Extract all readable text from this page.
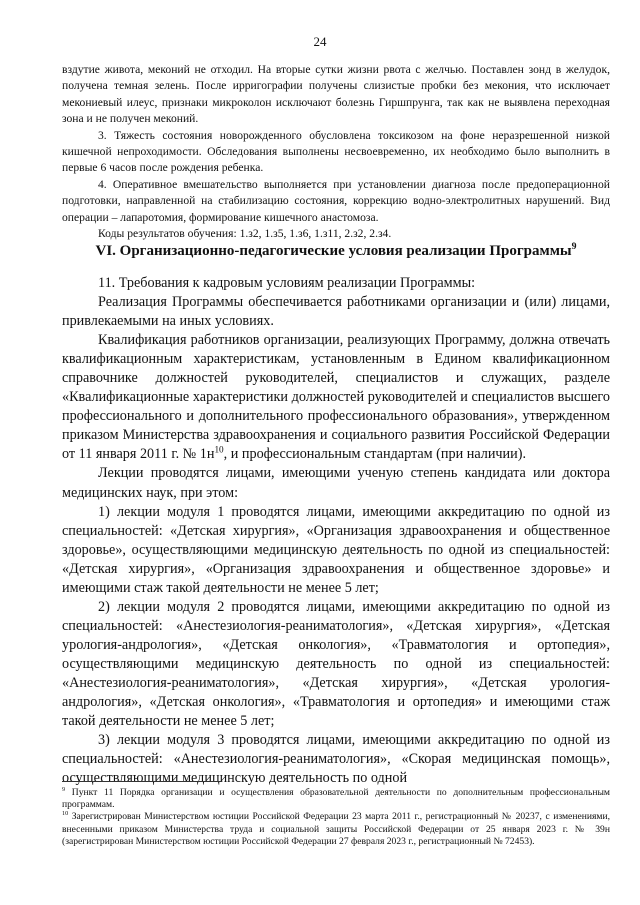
24

вздутие живота, меконий не отходил. На вторые сутки жизни рвота с желчью. Поставлен зонд в желудок, получена темная зелень. После ирригографии получены слизистые пробки без мекония, что исключает мекониевый илеус, признаки микроколон исключают болезнь Гиршпрунга, так как не выявлена переходная зона и не получен меконий.

3. Тяжесть состояния новорожденного обусловлена токсикозом на фоне неразрешенной низкой кишечной непроходимости. Обследования выполнены несвоевременно, их необходимо было выполнить в первые 6 часов после рождения ребенка.

4. Оперативное вмешательство выполняется при установлении диагноза после предоперационной подготовки, направленной на стабилизацию состояния, коррекцию водно-электролитных нарушений. Вид операции – лапаротомия, формирование кишечного анастомоза.

Коды результатов обучения: 1.з2, 1.з5, 1.з6, 1.з11, 2.з2, 2.з4.

VI. Организационно-педагогические условия реализации Программы$^9$

11. Требования к кадровым условиям реализации Программы:

Реализация Программы обеспечивается работниками организации и (или) лицами, привлекаемыми на иных условиях.

Квалификация работников организации, реализующих Программу, должна отвечать квалификационным характеристикам, установленным в Едином квалификационном справочнике должностей руководителей, специалистов и служащих, разделе «Квалификационные характеристики должностей руководителей и специалистов высшего профессионального и дополнительного профессионального образования», утвержденном приказом Министерства здравоохранения и социального развития Российской Федерации от 11 января 2011 г. № $1н^{10}$, и профессиональным стандартам (при наличии).

Лекции проводятся лицами, имеющими ученую степень кандидата или доктора медицинских наук, при этом:

1) лекции модуля 1 проводятся лицами, имеющими аккредитацию по одной из специальностей: «Детская хирургия», «Организация здравоохранения и общественное здоровье», осуществляющими медицинскую деятельность по одной из специальностей: «Детская хирургия», «Организация здравоохранения и общественное здоровье» и имеющими стаж такой деятельности не менее 5 лет;

2) лекции модуля 2 проводятся лицами, имеющими аккредитацию по одной из специальностей: «Анестезиология-реаниматология», «Детская хирургия», «Детская урология-андрология», «Детская онкология», «Травматология и ортопедия», осуществляющими медицинскую деятельность по одной из специальностей: «Анестезиология-реаниматология», «Детская хирургия», «Детская урология-андрология», «Детская онкология», «Травматология и ортопедия» и имеющими стаж такой деятельности не менее 5 лет;

3) лекции модуля 3 проводятся лицами, имеющими аккредитацию по одной из специальностей: «Анестезиология-реаниматология», «Скорая медицинская помощь», осуществляющими медицинскую деятельность по одной

$^9$ Пункт 11 Порядка организации и осуществления образовательной деятельности по дополнительным профессиональным программам.

$^{10}$ Зарегистрирован Министерством юстиции Российской Федерации 23 марта 2011 г., регистрационный № 20237, с изменениями, внесенными приказом Министерства труда и социальной защиты Российской Федерации от 25 января 2023 г. № 39н (зарегистрирован Министерством юстиции Российской Федерации 27 февраля 2023 г., регистрационный № 72453).
